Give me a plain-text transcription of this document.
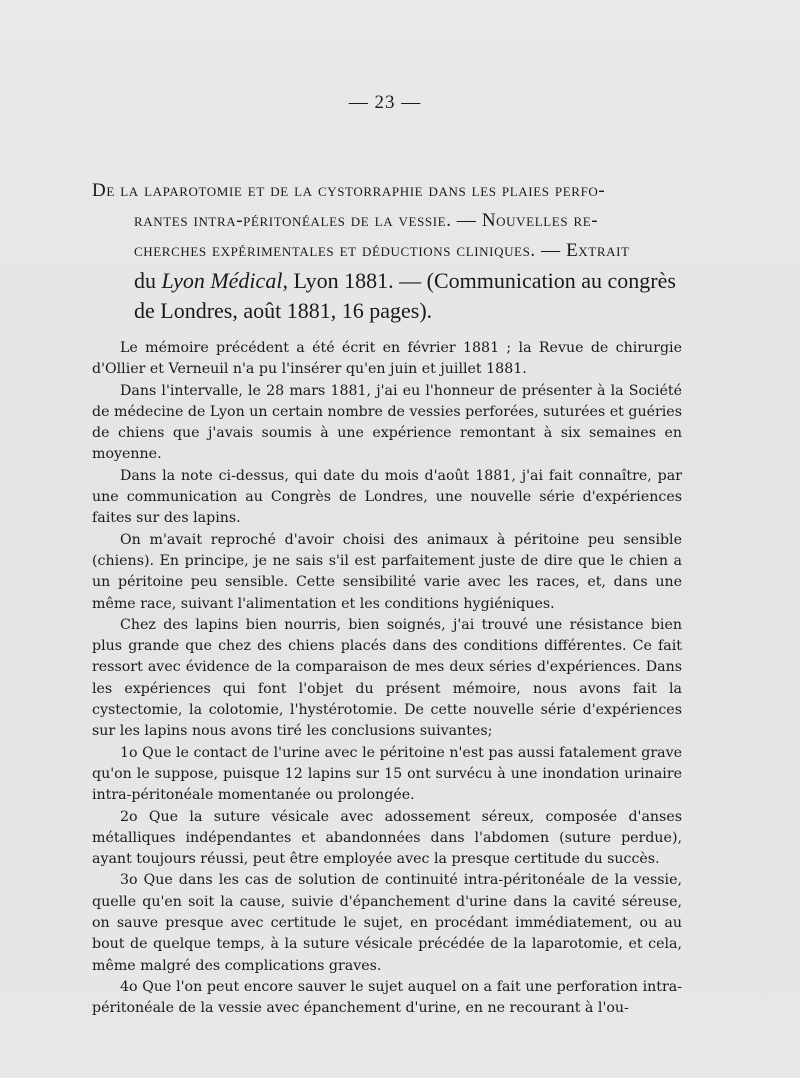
— 23 —
De la laparotomie et de la cystorraphie dans les plaies perfo-
rantes intra-péritonéales de la vessie. — Nouvelles re-
cherches expérimentales et déductions cliniques. — Extrait
du Lyon Médical, Lyon 1881. — (Communication au congrès
de Londres, août 1881, 16 pages).

Le mémoire précédent a été écrit en février 1881 ; la Revue de chirurgie d'Ollier et Verneuil n'a pu l'insérer qu'en juin et juillet 1881.

Dans l'intervalle, le 28 mars 1881, j'ai eu l'honneur de présenter à la Société de médecine de Lyon un certain nombre de vessies perforées, suturées et guéries de chiens que j'avais soumis à une expérience remontant à six semaines en moyenne.

Dans la note ci-dessus, qui date du mois d'août 1881, j'ai fait connaître, par une communication au Congrès de Londres, une nouvelle série d'expériences faites sur des lapins.

On m'avait reproché d'avoir choisi des animaux à péritoine peu sensible (chiens). En principe, je ne sais s'il est parfaitement juste de dire que le chien a un péritoine peu sensible. Cette sensibilité varie avec les races, et, dans une même race, suivant l'alimentation et les conditions hygiéniques.

Chez des lapins bien nourris, bien soignés, j'ai trouvé une résistance bien plus grande que chez des chiens placés dans des conditions différentes. Ce fait ressort avec évidence de la comparaison de mes deux séries d'expériences. Dans les expériences qui font l'objet du présent mémoire, nous avons fait la cystectomie, la colotomie, l'hystérotomie. De cette nouvelle série d'expériences sur les lapins nous avons tiré les conclusions suivantes;

1o Que le contact de l'urine avec le péritoine n'est pas aussi fatalement grave qu'on le suppose, puisque 12 lapins sur 15 ont survécu à une inondation urinaire intra-péritonéale momentanée ou prolongée.

2o Que la suture vésicale avec adossement séreux, composée d'anses métalliques indépendantes et abandonnées dans l'abdomen (suture perdue), ayant toujours réussi, peut être employée avec la presque certitude du succès.

3o Que dans les cas de solution de continuité intra-péritonéale de la vessie, quelle qu'en soit la cause, suivie d'épanchement d'urine dans la cavité séreuse, on sauve presque avec certitude le sujet, en procédant immédiatement, ou au bout de quelque temps, à la suture vésicale précédée de la laparotomie, et cela, même malgré des complications graves.

4o Que l'on peut encore sauver le sujet auquel on a fait une perforation intra-péritonéale de la vessie avec épanchement d'urine, en ne recourant à l'ou-
